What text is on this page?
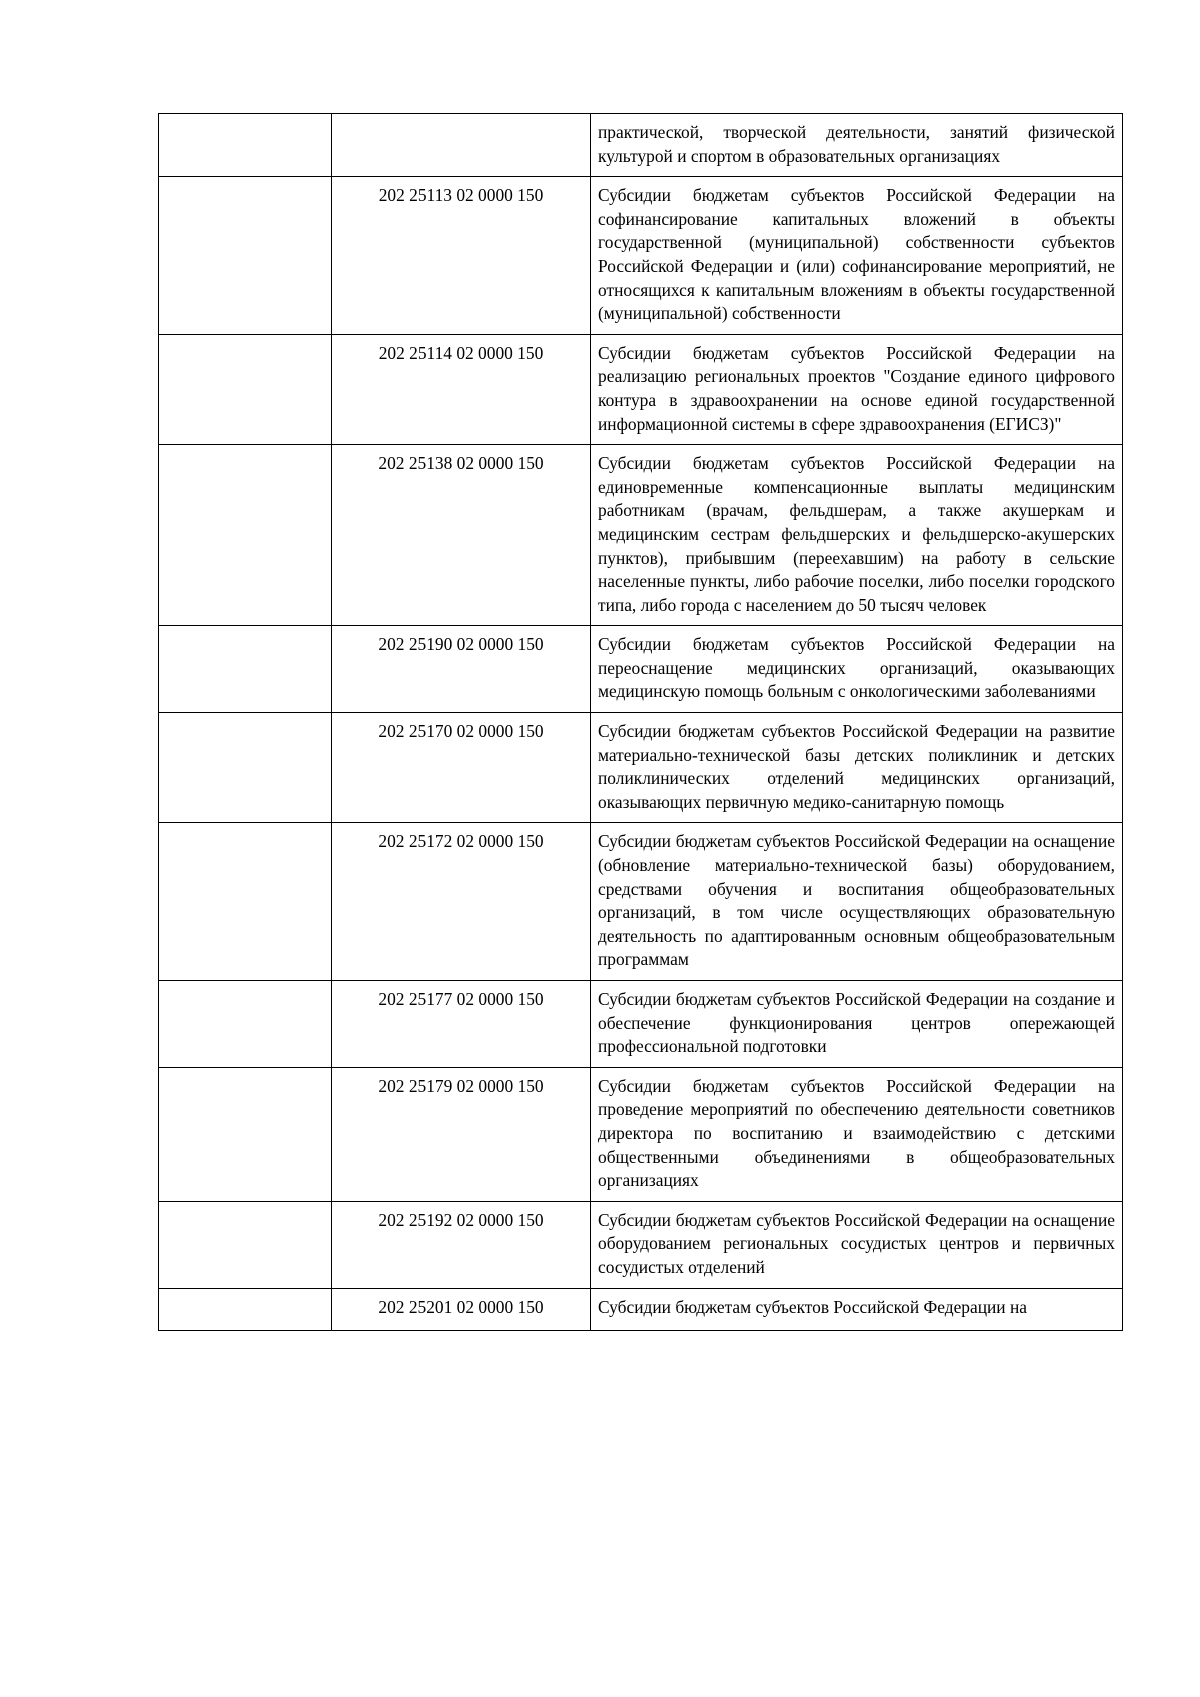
		практической, творческой деятельности, занятий физической культурой и спортом в образовательных организациях
	202 25113 02 0000 150	Субсидии бюджетам субъектов Российской Федерации на софинансирование капитальных вложений в объекты государственной (муниципальной) собственности субъектов Российской Федерации и (или) софинансирование мероприятий, не относящихся к капитальным вложениям в объекты государственной (муниципальной) собственности
	202 25114 02 0000 150	Субсидии бюджетам субъектов Российской Федерации на реализацию региональных проектов "Создание единого цифрового контура в здравоохранении на основе единой государственной информационной системы в сфере здравоохранения (ЕГИСЗ)"
	202 25138 02 0000 150	Субсидии бюджетам субъектов Российской Федерации на единовременные компенсационные выплаты медицинским работникам (врачам, фельдшерам, а также акушеркам и медицинским сестрам фельдшерских и фельдшерско-акушерских пунктов), прибывшим (переехавшим) на работу в сельские населенные пункты, либо рабочие поселки, либо поселки городского типа, либо города с населением до 50 тысяч человек
	202 25190 02 0000 150	Субсидии бюджетам субъектов Российской Федерации на переоснащение медицинских организаций, оказывающих медицинскую помощь больным с онкологическими заболеваниями
	202 25170 02 0000 150	Субсидии бюджетам субъектов Российской Федерации на развитие материально-технической базы детских поликлиник и детских поликлинических отделений медицинских организаций, оказывающих первичную медико-санитарную помощь
	202 25172 02 0000 150	Субсидии бюджетам субъектов Российской Федерации на оснащение (обновление материально-технической базы) оборудованием, средствами обучения и воспитания общеобразовательных организаций, в том числе осуществляющих образовательную деятельность по адаптированным основным общеобразовательным программам
	202 25177 02 0000 150	Субсидии бюджетам субъектов Российской Федерации на создание и обеспечение функционирования центров опережающей профессиональной подготовки
	202 25179 02 0000 150	Субсидии бюджетам субъектов Российской Федерации на проведение мероприятий по обеспечению деятельности советников директора по воспитанию и взаимодействию с детскими общественными объединениями в общеобразовательных организациях
	202 25192 02 0000 150	Субсидии бюджетам субъектов Российской Федерации на оснащение оборудованием региональных сосудистых центров и первичных сосудистых отделений
	202 25201 02 0000 150	Субсидии бюджетам субъектов Российской Федерации на
